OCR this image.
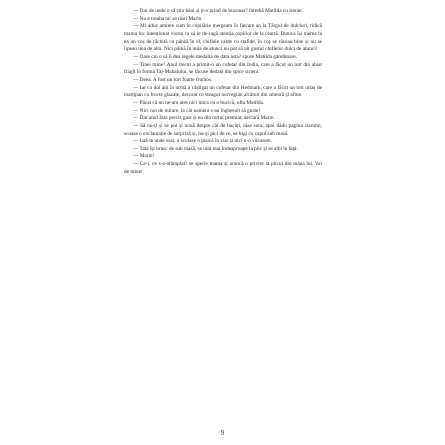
— Dar de unde o să știu băni și ți-o prind de buzunar? întrebă Matilda cu ironie.

— Nu e treaba ta! se răsti Marin.

— Mi-aduc aminte cum în copilărie mergeam în fiecare an la Târgul de dulciuri, ridică mama loc intenționat vocea ca să le de-ragă atenția copiilor de la ceartă. Bunica își merea la ea un coș de răchită cu pânză în el, chiflele calde cu stafide, în coș se răceau bine și nu se lipeau una de alta. Nici pâină în nuia de atunci nu pot să uit gustul chiflelor dulci de atunci!

— Oare cui o să îi dea regele medalia de data asta? spuse Matilda gânditoare.

— Tinei mine? Anul trecut a primit-o un cofetar din India, care a făcut un tort din aluat fragil în formă Taj-Mahalului, se făcuse dedată din spice sirieni.

— Deea. A fost un tort foarte frumos.

— Iar cu doi ani în urmă a câștigat un cofetar din Hedmark, care a făcut un tort uriaș de marțipan cu fructe glazate, decorat cu steagul norvegian alcătuit din smeură și afine.

— Păcat că nu ne-am ales nici mica cu o bucică, ofta Matilda.

— Nici noi de mirare, la cât oameni s-au înghesuit să guste!

— Dar anul ăsta precis gust și eu din tortul premiat, declară Marin.

— Să nu-ți și se pui și nouă despre cât de bucăți, râse sora, apoi dădu pagina ziarului, scoase o exclamație de surpriză și, nu-și pici de ce, se bigi cu capul sub masă.

— Iată-te unde erai, o sculase o pisică în ziar și nici n-o văzusem.

— Tata își brusc de sub masă, se uită mai îndeaproape la plic și se albi la față:

— Marin!

— Ce-i, ce s-a-ntâmplat? se sperie mama și aruncă o privire la plicul din mâna lui. Vai de mine!

9
